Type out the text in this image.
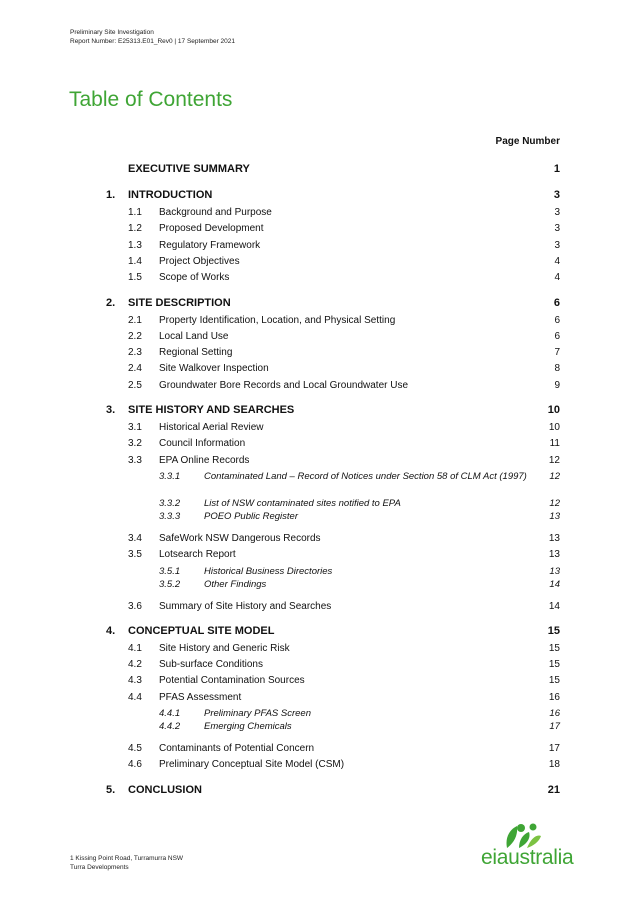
Preliminary Site Investigation
Report Number: E25313.E01_Rev0 | 17 September 2021
Table of Contents
Page Number
EXECUTIVE SUMMARY	1
1. INTRODUCTION	3
1.1 Background and Purpose	3
1.2 Proposed Development	3
1.3 Regulatory Framework	3
1.4 Project Objectives	4
1.5 Scope of Works	4
2. SITE DESCRIPTION	6
2.1 Property Identification, Location, and Physical Setting	6
2.2 Local Land Use	6
2.3 Regional Setting	7
2.4 Site Walkover Inspection	8
2.5 Groundwater Bore Records and Local Groundwater Use	9
3. SITE HISTORY AND SEARCHES	10
3.1 Historical Aerial Review	10
3.2 Council Information	11
3.3 EPA Online Records	12
3.3.1	Contaminated Land – Record of Notices under Section 58 of CLM Act (1997)	12
3.3.2	List of NSW contaminated sites notified to EPA	12
3.3.3	POEO Public Register	13
3.4 SafeWork NSW Dangerous Records	13
3.5 Lotsearch Report	13
3.5.1	Historical Business Directories	13
3.5.2	Other Findings	14
3.6 Summary of Site History and Searches	14
4. CONCEPTUAL SITE MODEL	15
4.1 Site History and Generic Risk	15
4.2 Sub-surface Conditions	15
4.3 Potential Contamination Sources	15
4.4 PFAS Assessment	16
4.4.1	Preliminary PFAS Screen	16
4.4.2	Emerging Chemicals	17
4.5 Contaminants of Potential Concern	17
4.6 Preliminary Conceptual Site Model (CSM)	18
5. CONCLUSION	21
1 Kissing Point Road, Turramurra NSW
Turra Developments	eiaustralia
